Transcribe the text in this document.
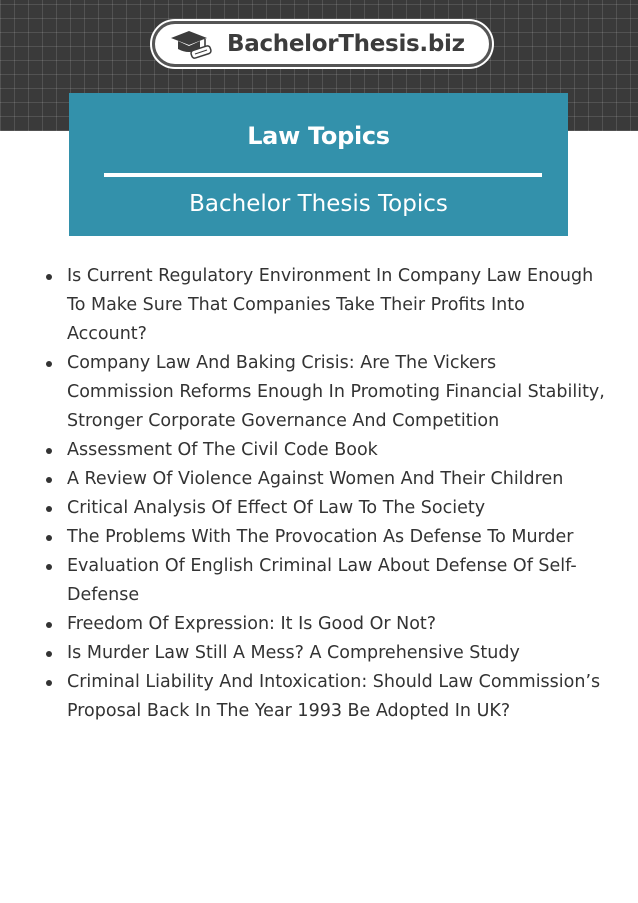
BachelorThesis.biz
Law Topics
Bachelor Thesis Topics
Is Current Regulatory Environment In Company Law Enough To Make Sure That Companies Take Their Profits Into Account?
Company Law And Baking Crisis: Are The Vickers Commission Reforms Enough In Promoting Financial Stability, Stronger Corporate Governance And Competition
Assessment Of The Civil Code Book
A Review Of Violence Against Women And Their Children
Critical Analysis Of Effect Of Law To The Society
The Problems With The Provocation As Defense To Murder
Evaluation Of English Criminal Law About Defense Of Self-Defense
Freedom Of Expression: It Is Good Or Not?
Is Murder Law Still A Mess? A Comprehensive Study
Criminal Liability And Intoxication: Should Law Commission’s Proposal Back In The Year 1993 Be Adopted In UK?
